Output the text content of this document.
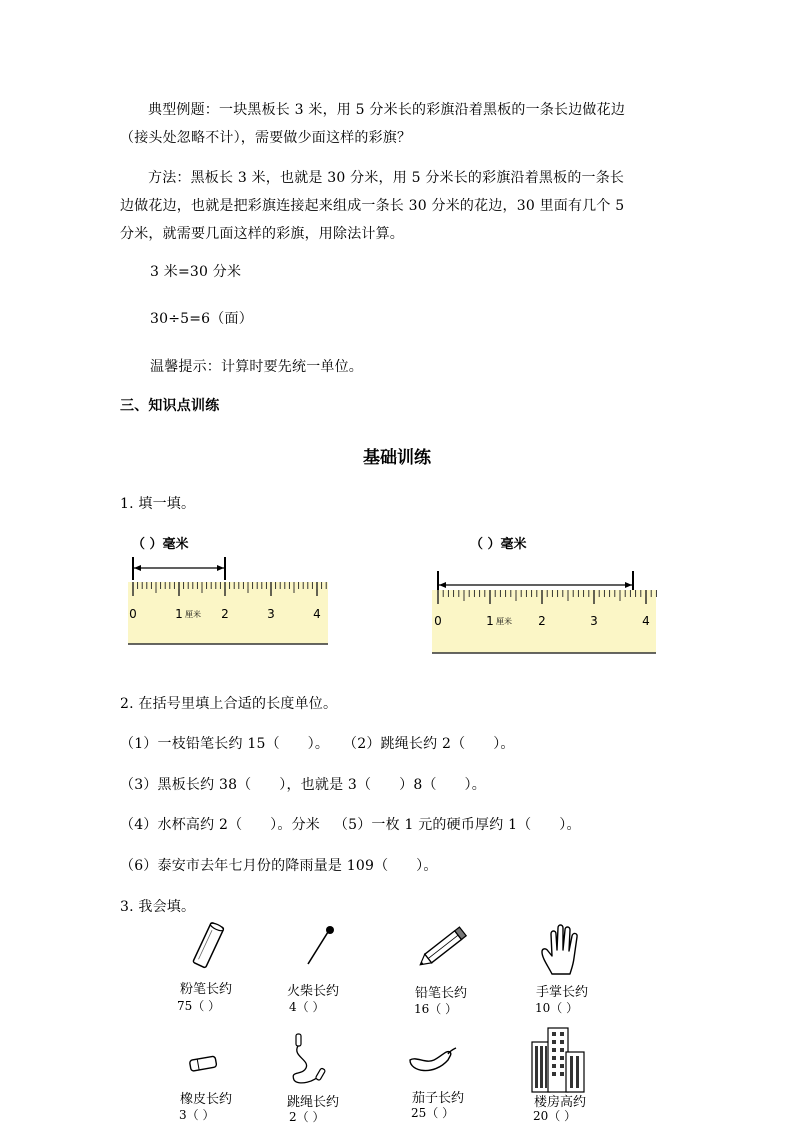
典型例题：一块黑板长 3 米，用 5 分米长的彩旗沿着黑板的一条长边做花边
（接头处忽略不计），需要做少面这样的彩旗？
方法：黑板长 3 米，也就是 30 分米，用 5 分米长的彩旗沿着黑板的一条长
边做花边，也就是把彩旗连接起来组成一条长 30 分米的花边，30 里面有几个 5
分米，就需要几面这样的彩旗，用除法计算。
3 米=30 分米
30÷5=6（面）
温馨提示：计算时要先统一单位。
三、知识点训练
基础训练
1. 填一填。
（ ）毫米	（ ）毫米
0	1 厘米 2	3	4	0	1 厘米 2	3	4
2. 在括号里填上合适的长度单位。
（1）一枝铅笔长约 15（      ）。   （2）跳绳长约 2（      ）。
（3）黑板长约 38（      ），也就是 3（      ）8（      ）。
（4）水杯高约 2（      ）。分米   （5）一枚 1 元的硬币厚约 1（      ）。
（6）泰安市去年七月份的降雨量是 109（      ）。
3. 我会填。
粉笔长约
75（ ）
火柴长约
4（ ）
铅笔长约
16（ ）
手掌长约
10（ ）
橡皮长约
3（ ）
跳绳长约
2（ ）
茄子长约
25（ ）
楼房高约
20（ ）
